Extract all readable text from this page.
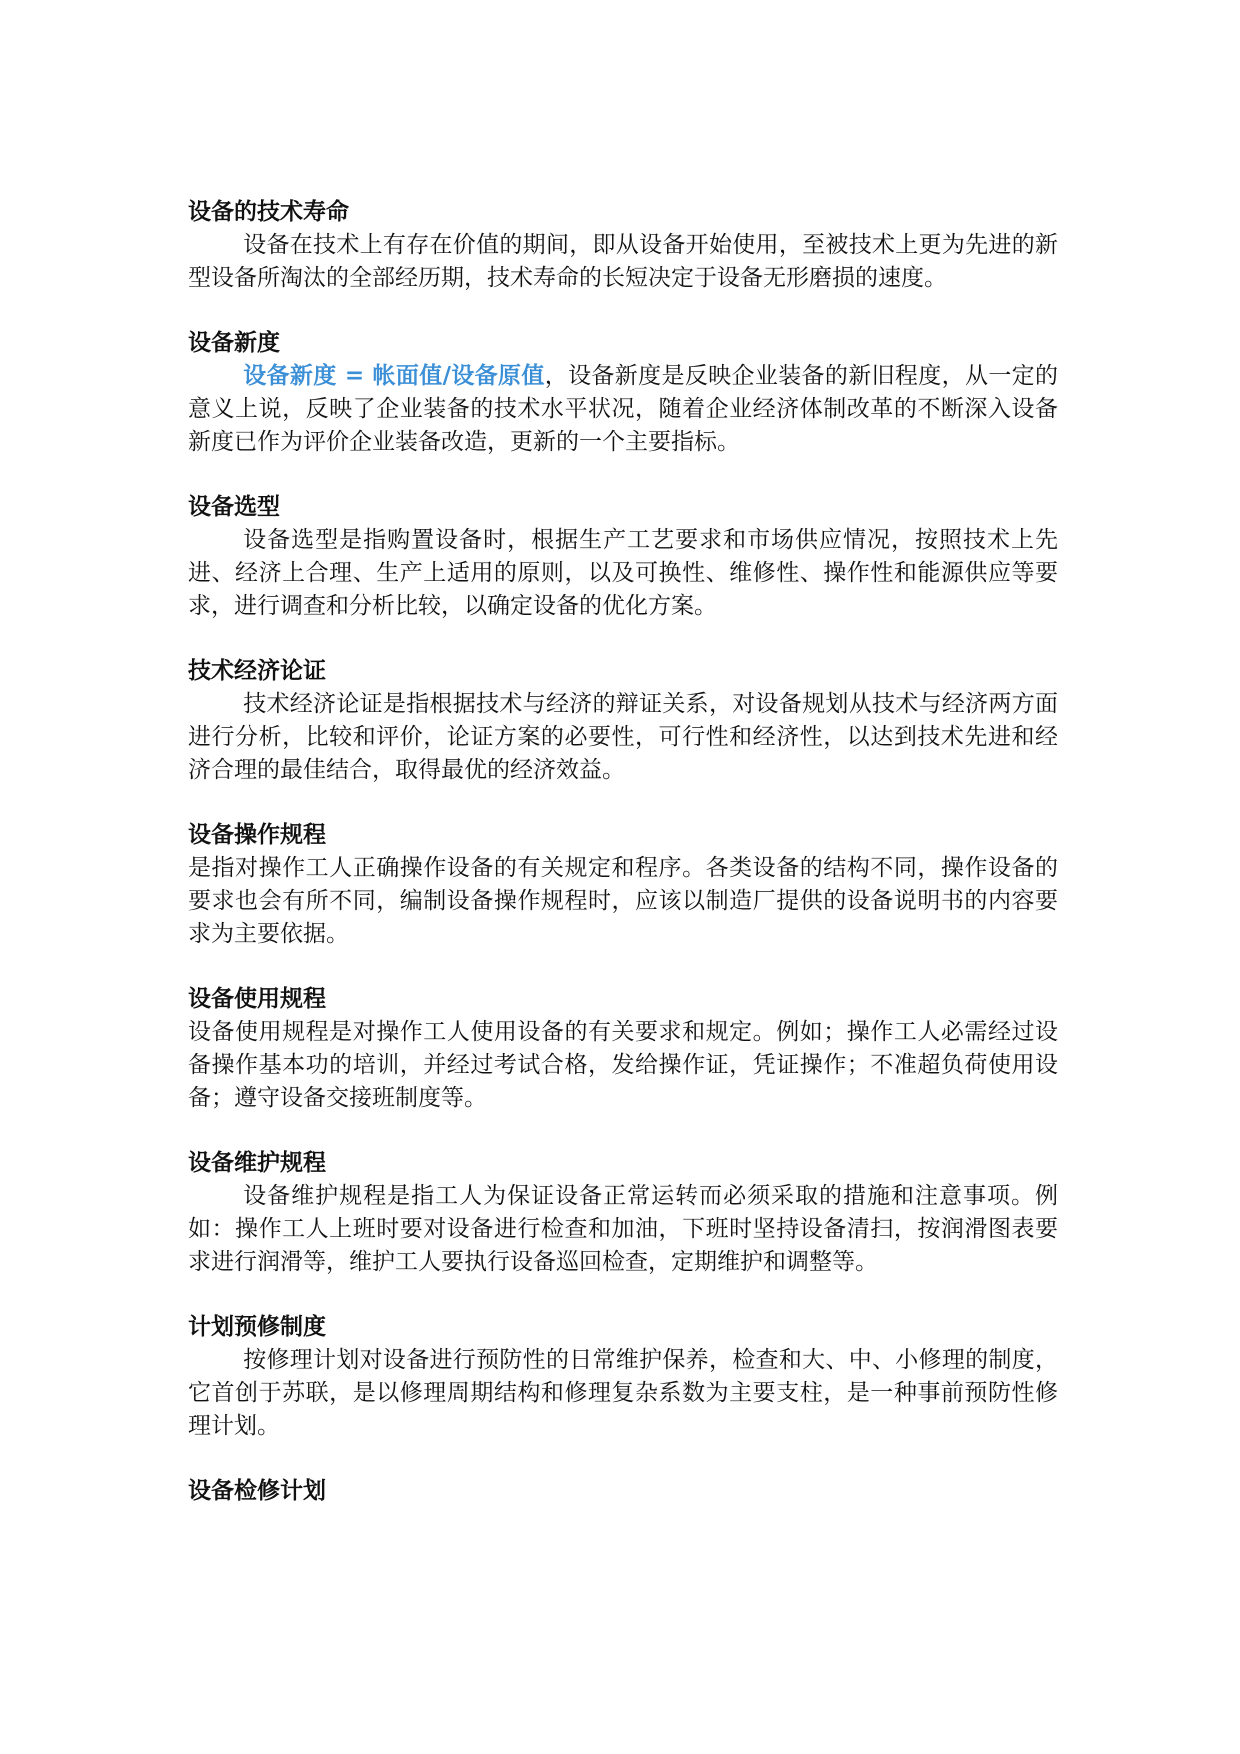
设备的技术寿命

设备在技术上有存在价值的期间，即从设备开始使用，至被技术上更为先进的新型设备所淘汰的全部经历期，技术寿命的长短决定于设备无形磨损的速度。

设备新度

设备新度 = 帐面值/设备原值，设备新度是反映企业装备的新旧程度，从一定的意义上说，反映了企业装备的技术水平状况，随着企业经济体制改革的不断深入设备新度已作为评价企业装备改造，更新的一个主要指标。

设备选型

设备选型是指购置设备时，根据生产工艺要求和市场供应情况，按照技术上先进、经济上合理、生产上适用的原则，以及可换性、维修性、操作性和能源供应等要求，进行调查和分析比较，以确定设备的优化方案。

技术经济论证

技术经济论证是指根据技术与经济的辩证关系，对设备规划从技术与经济两方面进行分析，比较和评价，论证方案的必要性，可行性和经济性，以达到技术先进和经济合理的最佳结合，取得最优的经济效益。

设备操作规程

是指对操作工人正确操作设备的有关规定和程序。各类设备的结构不同，操作设备的要求也会有所不同，编制设备操作规程时，应该以制造厂提供的设备说明书的内容要求为主要依据。

设备使用规程

设备使用规程是对操作工人使用设备的有关要求和规定。例如；操作工人必需经过设备操作基本功的培训，并经过考试合格，发给操作证，凭证操作；不准超负荷使用设备；遵守设备交接班制度等。

设备维护规程

设备维护规程是指工人为保证设备正常运转而必须采取的措施和注意事项。例如：操作工人上班时要对设备进行检查和加油，下班时坚持设备清扫，按润滑图表要求进行润滑等，维护工人要执行设备巡回检查，定期维护和调整等。

计划预修制度

按修理计划对设备进行预防性的日常维护保养，检查和大、中、小修理的制度，它首创于苏联，是以修理周期结构和修理复杂系数为主要支柱，是一种事前预防性修理计划。

设备检修计划
